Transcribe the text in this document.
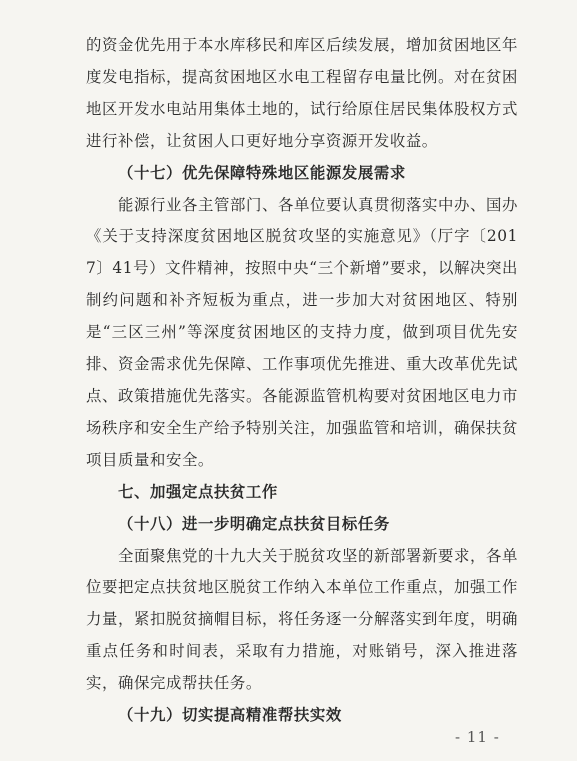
的资金优先用于本水库移民和库区后续发展，增加贫困地区年度发电指标，提高贫困地区水电工程留存电量比例。对在贫困地区开发水电站用集体土地的，试行给原住居民集体股权方式进行补偿，让贫困人口更好地分享资源开发收益。

（十七）优先保障特殊地区能源发展需求

能源行业各主管部门、各单位要认真贯彻落实中办、国办《关于支持深度贫困地区脱贫攻坚的实施意见》（厅字〔2017〕41号）文件精神，按照中央“三个新增”要求，以解决突出制约问题和补齐短板为重点，进一步加大对贫困地区、特别是“三区三州”等深度贫困地区的支持力度，做到项目优先安排、资金需求优先保障、工作事项优先推进、重大改革优先试点、政策措施优先落实。各能源监管机构要对贫困地区电力市场秩序和安全生产给予特别关注，加强监管和培训，确保扶贫项目质量和安全。

七、加强定点扶贫工作

（十八）进一步明确定点扶贫目标任务

全面聚焦党的十九大关于脱贫攻坚的新部署新要求，各单位要把定点扶贫地区脱贫工作纳入本单位工作重点，加强工作力量，紧扣脱贫摘帽目标，将任务逐一分解落实到年度，明确重点任务和时间表，采取有力措施，对账销号，深入推进落实，确保完成帮扶任务。

（十九）切实提高精准帮扶实效

- 11 -
